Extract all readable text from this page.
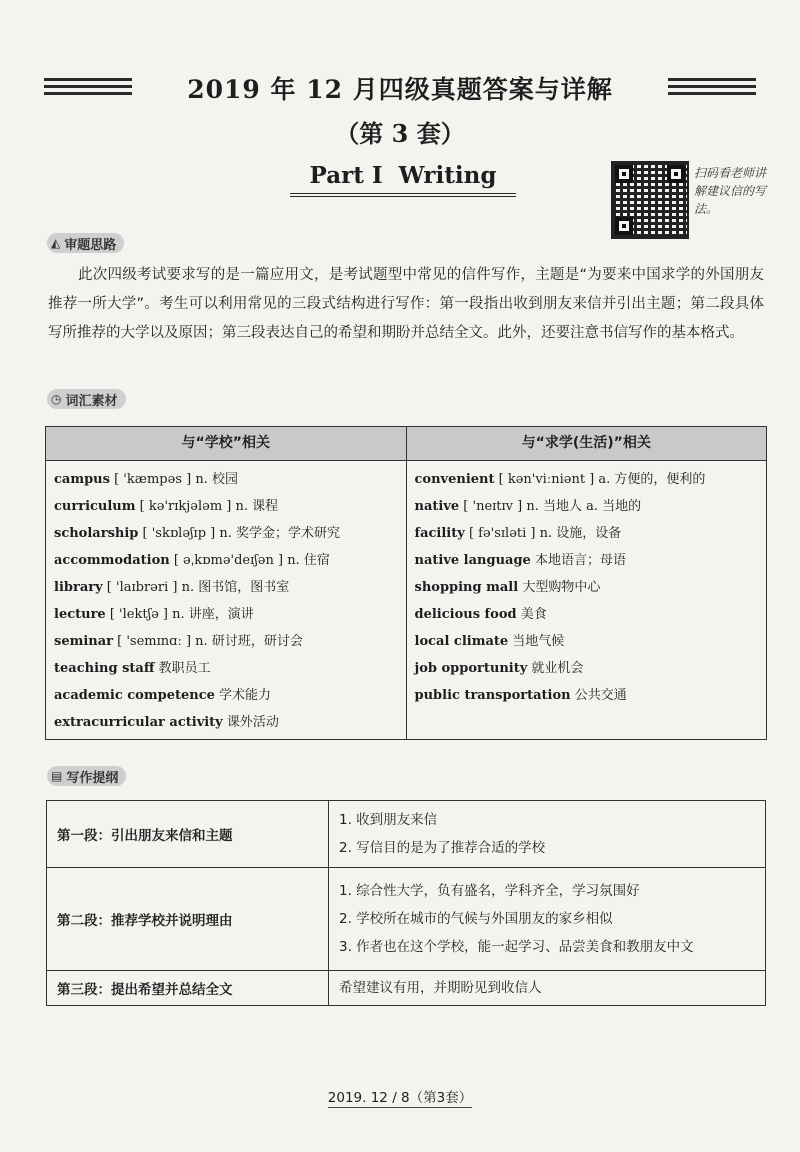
2019 年 12 月四级真题答案与详解
（第 3 套）
Part I Writing	扫码看老师讲解建议信的写法。
◭ 审题思路
此次四级考试要求写的是一篇应用文，是考试题型中常见的信件写作，主题是“为要来中国求学的外国朋友推荐一所大学”。考生可以利用常见的三段式结构进行写作：第一段指出收到朋友来信并引出主题；第二段具体写所推荐的大学以及原因；第三段表达自己的希望和期盼并总结全文。此外，还要注意书信写作的基本格式。
◷ 词汇素材
与“学校”相关	与“求学(生活)”相关
campus [ 'kæmpəs ] n. 校园
curriculum [ kə'rɪkjələm ] n. 课程
scholarship [ 'skɒləʃɪp ] n. 奖学金；学术研究
accommodation [ əˌkɒmə'deɪʃən ] n. 住宿
library [ 'laɪbrəri ] n. 图书馆，图书室
lecture [ 'lektʃə ] n. 讲座，演讲
seminar [ 'semɪnɑː ] n. 研讨班，研讨会
teaching staff 教职员工
academic competence 学术能力
extracurricular activity 课外活动
convenient [ kən'viːniənt ] a. 方便的，便利的
native [ 'neɪtɪv ] n. 当地人 a. 当地的
facility [ fə'sɪləti ] n. 设施，设备
native language 本地语言；母语
shopping mall 大型购物中心
delicious food 美食
local climate 当地气候
job opportunity 就业机会
public transportation 公共交通
▤ 写作提纲
第一段：引出朋友来信和主题	1. 收到朋友来信
2. 写信目的是为了推荐合适的学校

第二段：推荐学校并说明理由	1. 综合性大学，负有盛名，学科齐全，学习氛围好
2. 学校所在城市的气候与外国朋友的家乡相似
3. 作者也在这个学校，能一起学习、品尝美食和教朋友中文

第三段：提出希望并总结全文	希望建议有用，并期盼见到收信人
2019. 12 / 8（第3套）
